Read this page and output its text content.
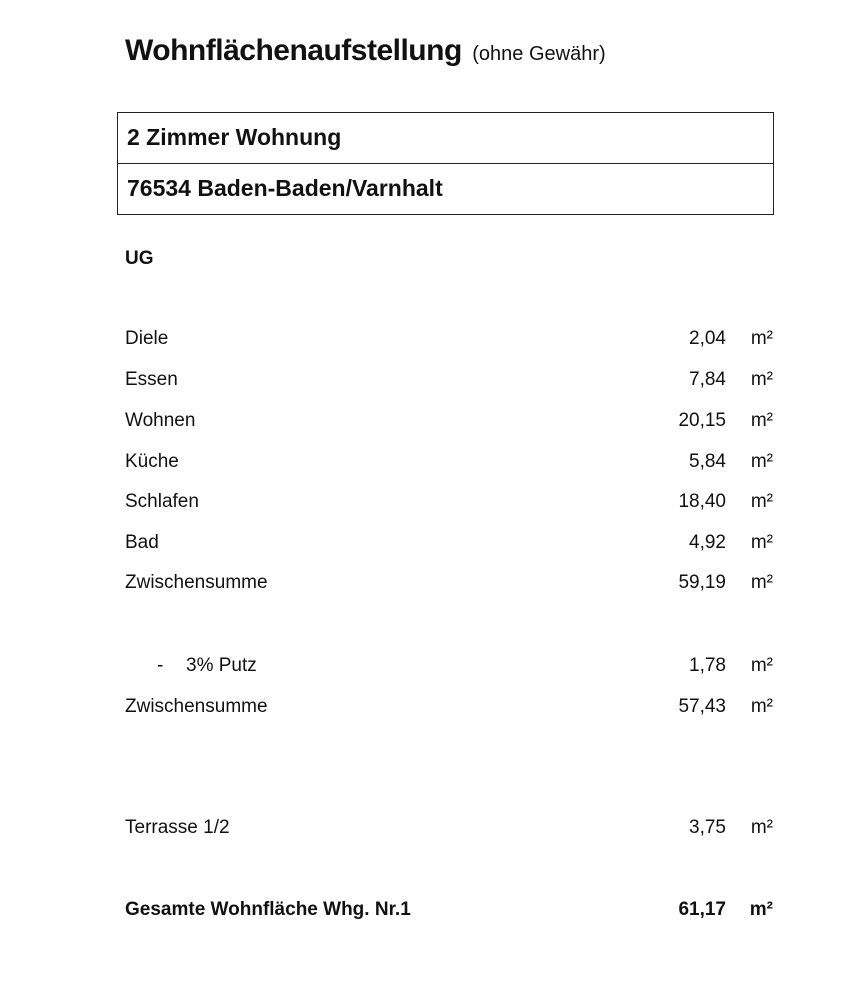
Wohnflächenaufstellung (ohne Gewähr)
2 Zimmer Wohnung
76534 Baden-Baden/Varnhalt
UG
Diele	2,04 m²
Essen	7,84 m²
Wohnen	20,15 m²
Küche	5,84 m²
Schlafen	18,40 m²
Bad	4,92 m²
Zwischensumme	59,19 m²
- 3% Putz	1,78 m²
Zwischensumme	57,43 m²
Terrasse 1/2	3,75 m²
Gesamte Wohnfläche Whg. Nr.1	61,17 m²
